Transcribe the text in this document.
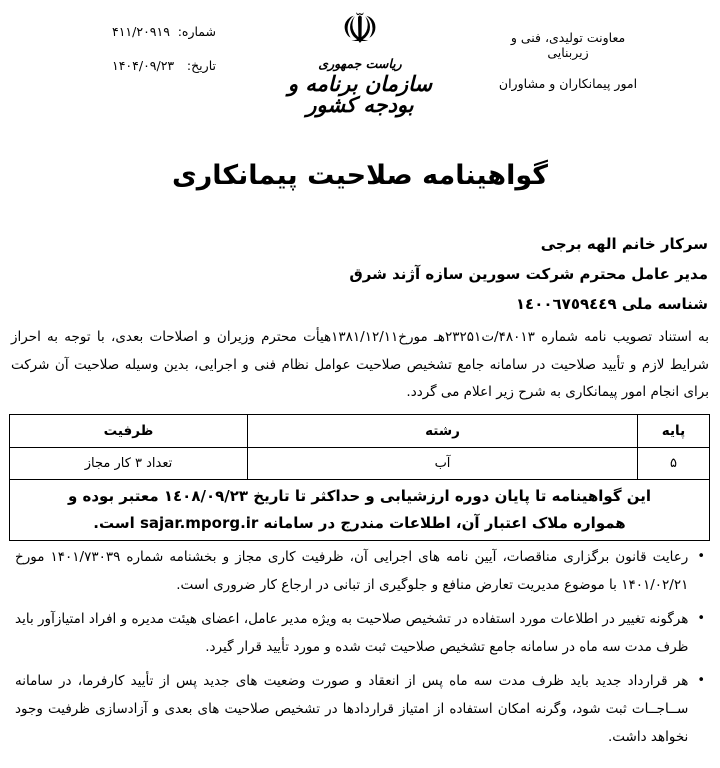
شماره:
۴۱۱/۲۰۹۱۹
تاریخ:
۱۴۰۴/۰۹/۲۳
☫
ریاست جمهوری
سازمان برنامه و بودجه کشور
معاونت تولیدی، فنی و زیربنایی
امور پیمانکاران و مشاوران
گواهینامه صلاحیت پیمانکاری
سرکار خانم الهه برجی
مدیر عامل محترم شرکت سورین سازه آژند شرق
شناسه ملی ١٤٠٠٦٧٥٩٤٤٩
به استناد تصویب نامه شماره ۴۸۰۱۳/ت۲۳۲۵۱هـ مورخ۱۳۸۱/۱۲/۱۱هیأت محترم وزیران و اصلاحات بعدی، با توجه به احراز شرایط لازم و تأیید صلاحیت در سامانه جامع تشخیص صلاحیت عوامل نظام فنی و اجرایی، بدین وسیله صلاحیت آن شرکت برای انجام امور پیمانکاری به شرح زیر اعلام می گردد.
پایه	رشته	ظرفیت
۵	آب	تعداد ۳ کار مجاز

این گواهینامه تا پایان دوره ارزشیابی و حداکثر تا تاریخ ١٤٠٨/٠٩/٢٣ معتبر بوده و
همواره ملاک اعتبار آن، اطلاعات مندرج در سامانه sajar.mporg.ir است.		
•
رعایت قانون برگزاری مناقصات، آیین نامه های اجرایی آن، ظرفیت کاری مجاز و بخشنامه شماره ۱۴۰۱/۷۳۰۳۹ مورخ ۱۴۰۱/۰۲/۲۱ با موضوع مدیریت تعارض منافع و جلوگیری از تبانی در ارجاع کار ضروری است.
•
هرگونه تغییر در اطلاعات مورد استفاده در تشخیص صلاحیت به ویژه مدیر عامل، اعضای هیئت مدیره و افراد امتیازآور باید ظرف مدت سه ماه در سامانه جامع تشخیص صلاحیت ثبت شده و مورد تأیید قرار گیرد.
•
هر قرارداد جدید باید ظرف مدت سه ماه پس از انعقاد و صورت وضعیت های جدید پس از تأیید کارفرما، در سامانه ســاجــات ثبت شود، وگرنه امکان استفاده از امتیاز قراردادها در تشخیص صلاحیت های بعدی و آزادسازی ظرفیت وجود نخواهد داشت.
